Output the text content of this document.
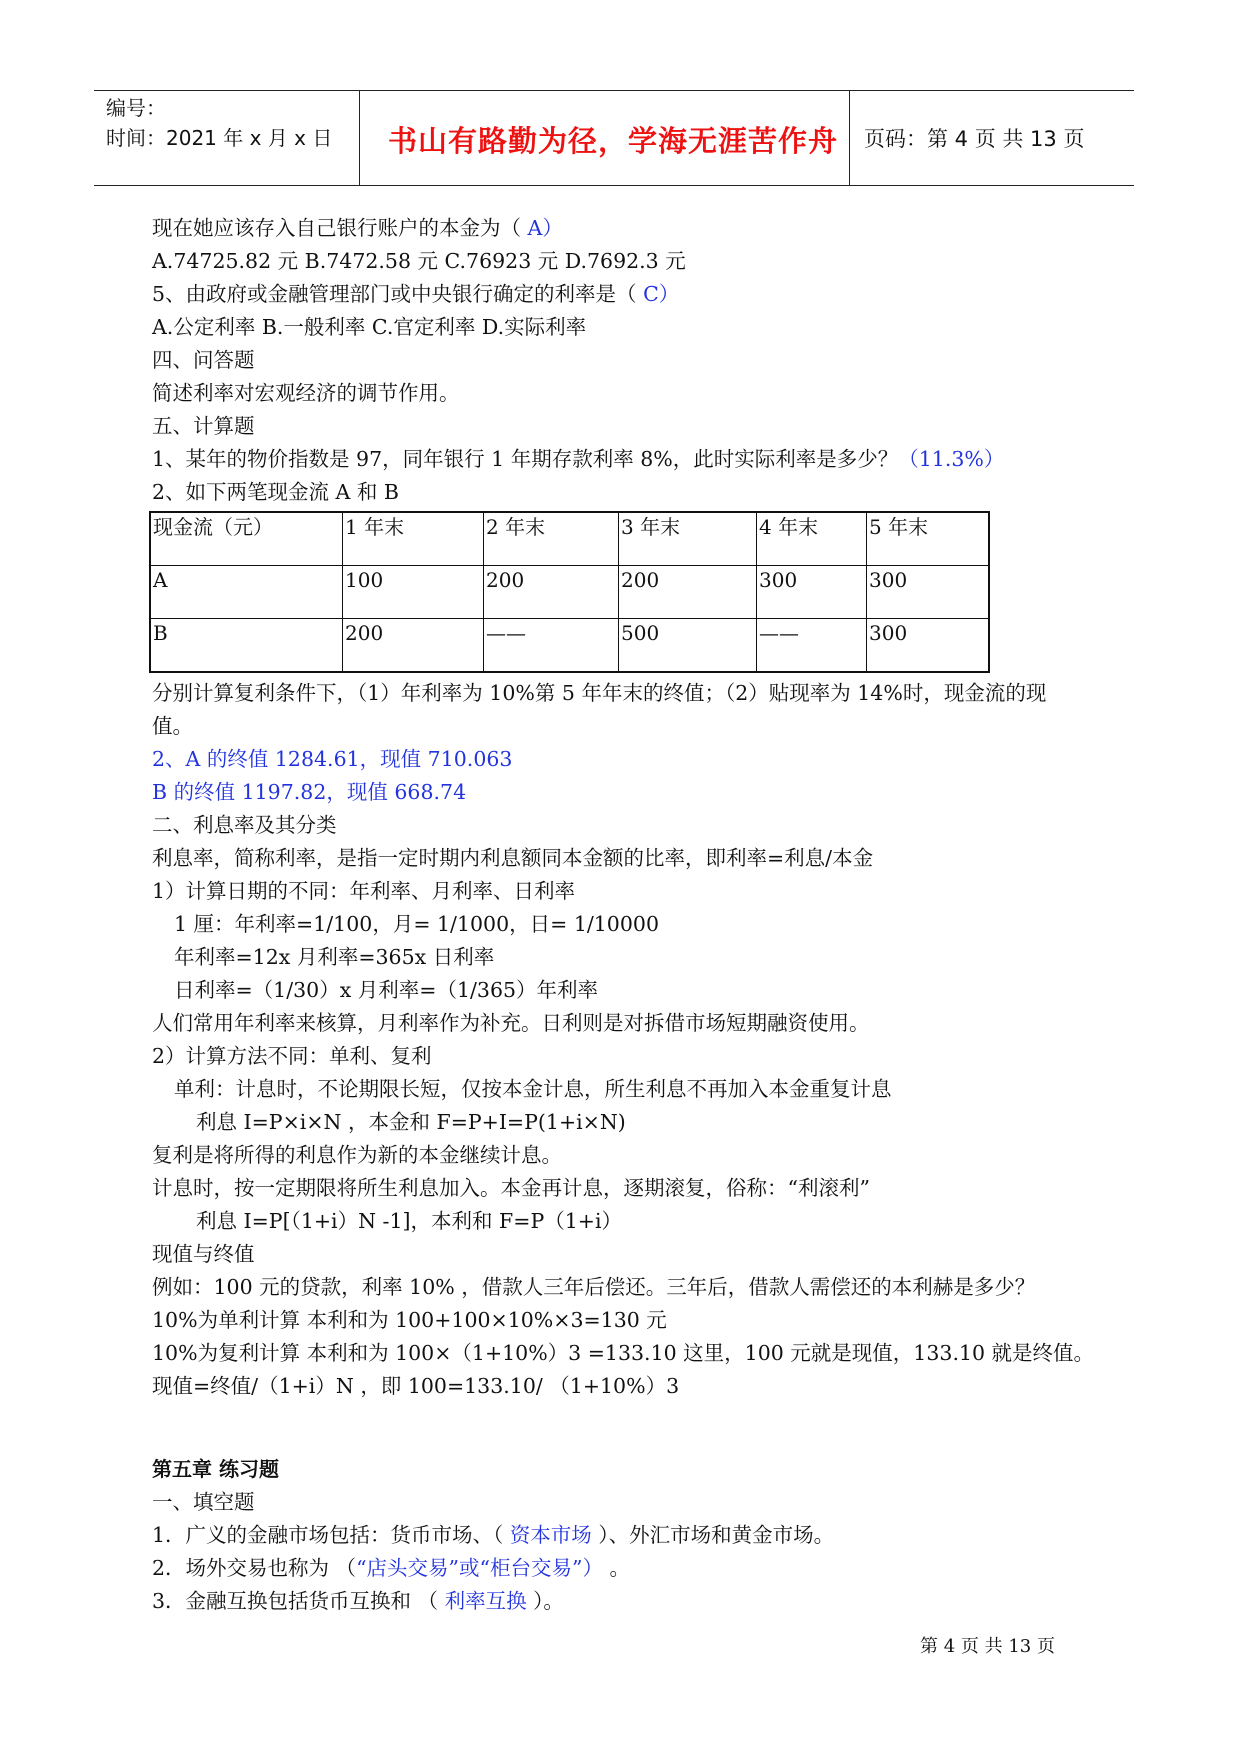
编号：
时间：2021 年 x 月 x 日	书山有路勤为径，学海无涯苦作舟	页码：第 4 页 共 13 页
现在她应该存入自己银行账户的本金为（ A）
A.74725.82 元 B.7472.58 元 C.76923 元 D.7692.3 元
5、由政府或金融管理部门或中央银行确定的利率是（ C）
A.公定利率 B.一般利率 C.官定利率 D.实际利率
四、问答题
简述利率对宏观经济的调节作用。
五、计算题
1、某年的物价指数是 97，同年银行 1 年期存款利率 8%，此时实际利率是多少？（11.3%）
2、如下两笔现金流 A 和 B
现金流（元）	1 年末	2 年末	3 年末	4 年末	5 年末
A	100	200	200	300	300
B	200	——	500	——	300
分别计算复利条件下，（1）年利率为 10%第 5 年年末的终值；（2）贴现率为 14%时，现金流的现
值。
2、A 的终值 1284.61，现值 710.063
B 的终值 1197.82，现值 668.74
二、利息率及其分类
利息率，简称利率，是指一定时期内利息额同本金额的比率，即利率=利息/本金
1）计算日期的不同：年利率、月利率、日利率
1 厘：年利率=1/100，月= 1/1000，日= 1/10000
年利率=12x 月利率=365x 日利率
日利率=（1/30）x 月利率=（1/365）年利率
人们常用年利率来核算，月利率作为补充。日利则是对拆借市场短期融资使用。
2）计算方法不同：单利、复利
单利：计息时，不论期限长短，仅按本金计息，所生利息不再加入本金重复计息
利息 I=P×i×N ，本金和 F=P+I=P(1+i×N)
复利是将所得的利息作为新的本金继续计息。
计息时，按一定期限将所生利息加入。本金再计息，逐期滚复，俗称：“利滚利”
利息 I=P[（1+i）N -1]，本利和 F=P（1+i）
现值与终值
例如：100 元的贷款，利率 10% ，借款人三年后偿还。三年后，借款人需偿还的本利赫是多少？
10%为单利计算 本利和为 100+100×10%×3=130 元
10%为复利计算 本利和为 100×（1+10%）3 =133.10 这里，100 元就是现值，133.10 就是终值。
现值=终值/（1+i）N ，即 100=133.10/ （1+10%）3
第五章 练习题
一、填空题
1．广义的金融市场包括：货币市场、（ 资本市场 ）、外汇市场和黄金市场。
2．场外交易也称为 （“店头交易”或“柜台交易”） 。
3．金融互换包括货币互换和 （ 利率互换 ）。
第 4 页 共 13 页
